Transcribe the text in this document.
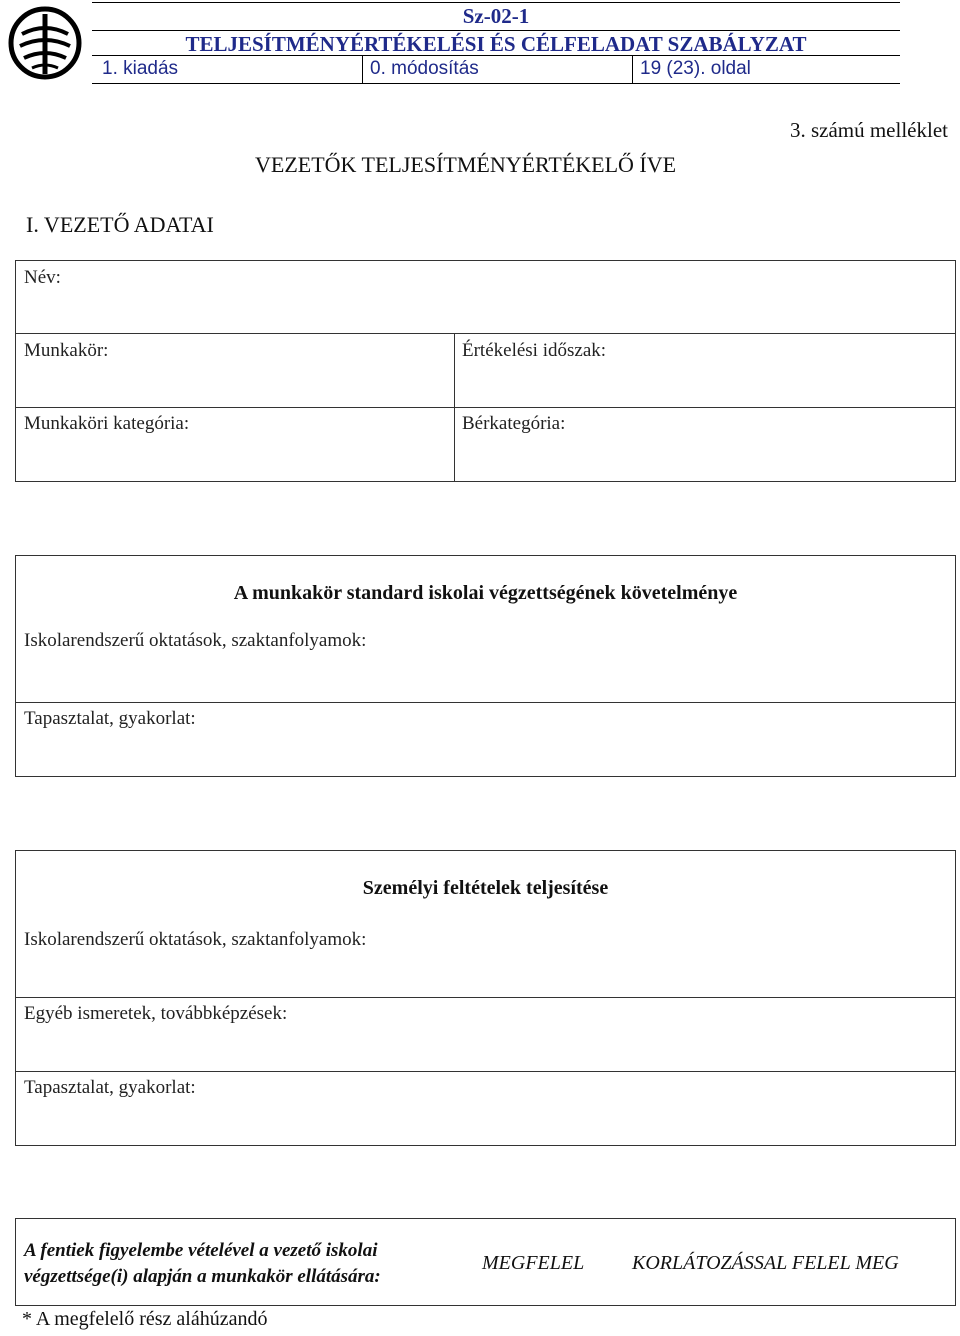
Sz-02-1
TELJESÍTMÉNYÉRTÉKELÉSI ÉS CÉLFELADAT SZABÁLYZAT
1. kiadás	0. módosítás	19 (23). oldal
3. számú melléklet
VEZETŐK TELJESÍTMÉNYÉRTÉKELŐ ÍVE
I. VEZETŐ ADATAI
Név:
Munkakör:	Értékelési időszak:
Munkaköri kategória:	Bérkategória:
A munkakör standard iskolai végzettségének követelménye
Iskolarendszerű oktatások, szaktanfolyamok:
Tapasztalat, gyakorlat:
Személyi feltételek teljesítése
Iskolarendszerű oktatások, szaktanfolyamok:
Egyéb ismeretek, továbbképzések:
Tapasztalat, gyakorlat:
A fentiek figyelembe vételével a vezető iskolai
végzettsége(i) alapján a munkakör ellátására:
MEGFELEL KORLÁTOZÁSSAL FELEL MEG
* A megfelelő rész aláhúzandó
